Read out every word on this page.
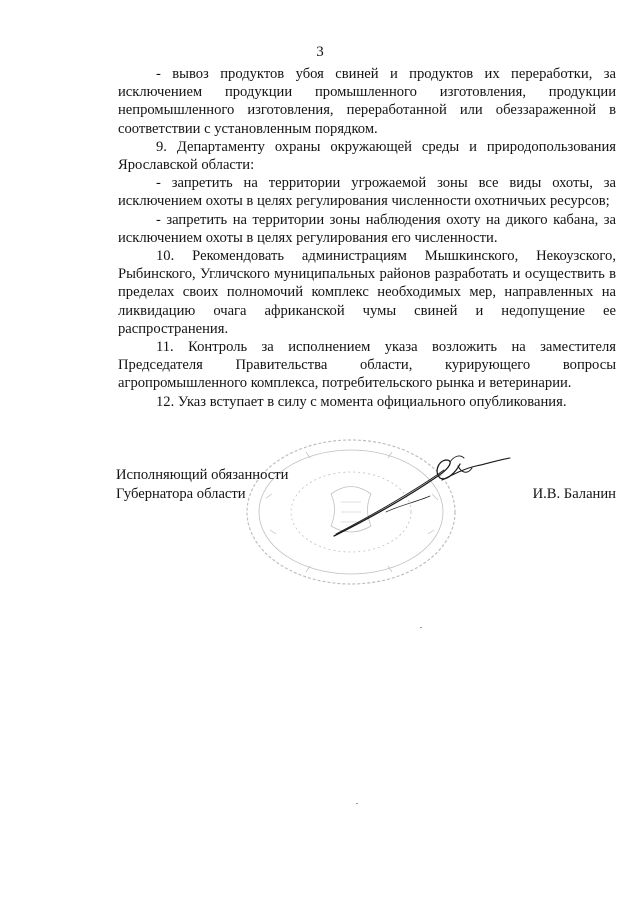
3

- вывоз продуктов убоя свиней и продуктов их переработки, за исключением продукции промышленного изготовления, продукции непромышленного изготовления, переработанной или обеззараженной в соответствии с установленным порядком.

9. Департаменту охраны окружающей среды и природопользования Ярославской области:

- запретить на территории угрожаемой зоны все виды охоты, за исключением охоты в целях регулирования численности охотничьих ресурсов;

- запретить на территории зоны наблюдения охоту на дикого кабана, за исключением охоты в целях регулирования его численности.

10. Рекомендовать администрациям Мышкинского, Некоузского, Рыбинского, Угличского муниципальных районов разработать и осуществить в пределах своих полномочий комплекс необходимых мер, направленных на ликвидацию очага африканской чумы свиней и недопущение ее распространения.

11. Контроль за исполнением указа возложить на заместителя Председателя Правительства области, курирующего вопросы агропромышленного комплекса, потребительского рынка и ветеринарии.

12. Указ вступает в силу с момента официального опубликования.

Исполняющий обязанности
Губернатора области	И.В. Баланин
